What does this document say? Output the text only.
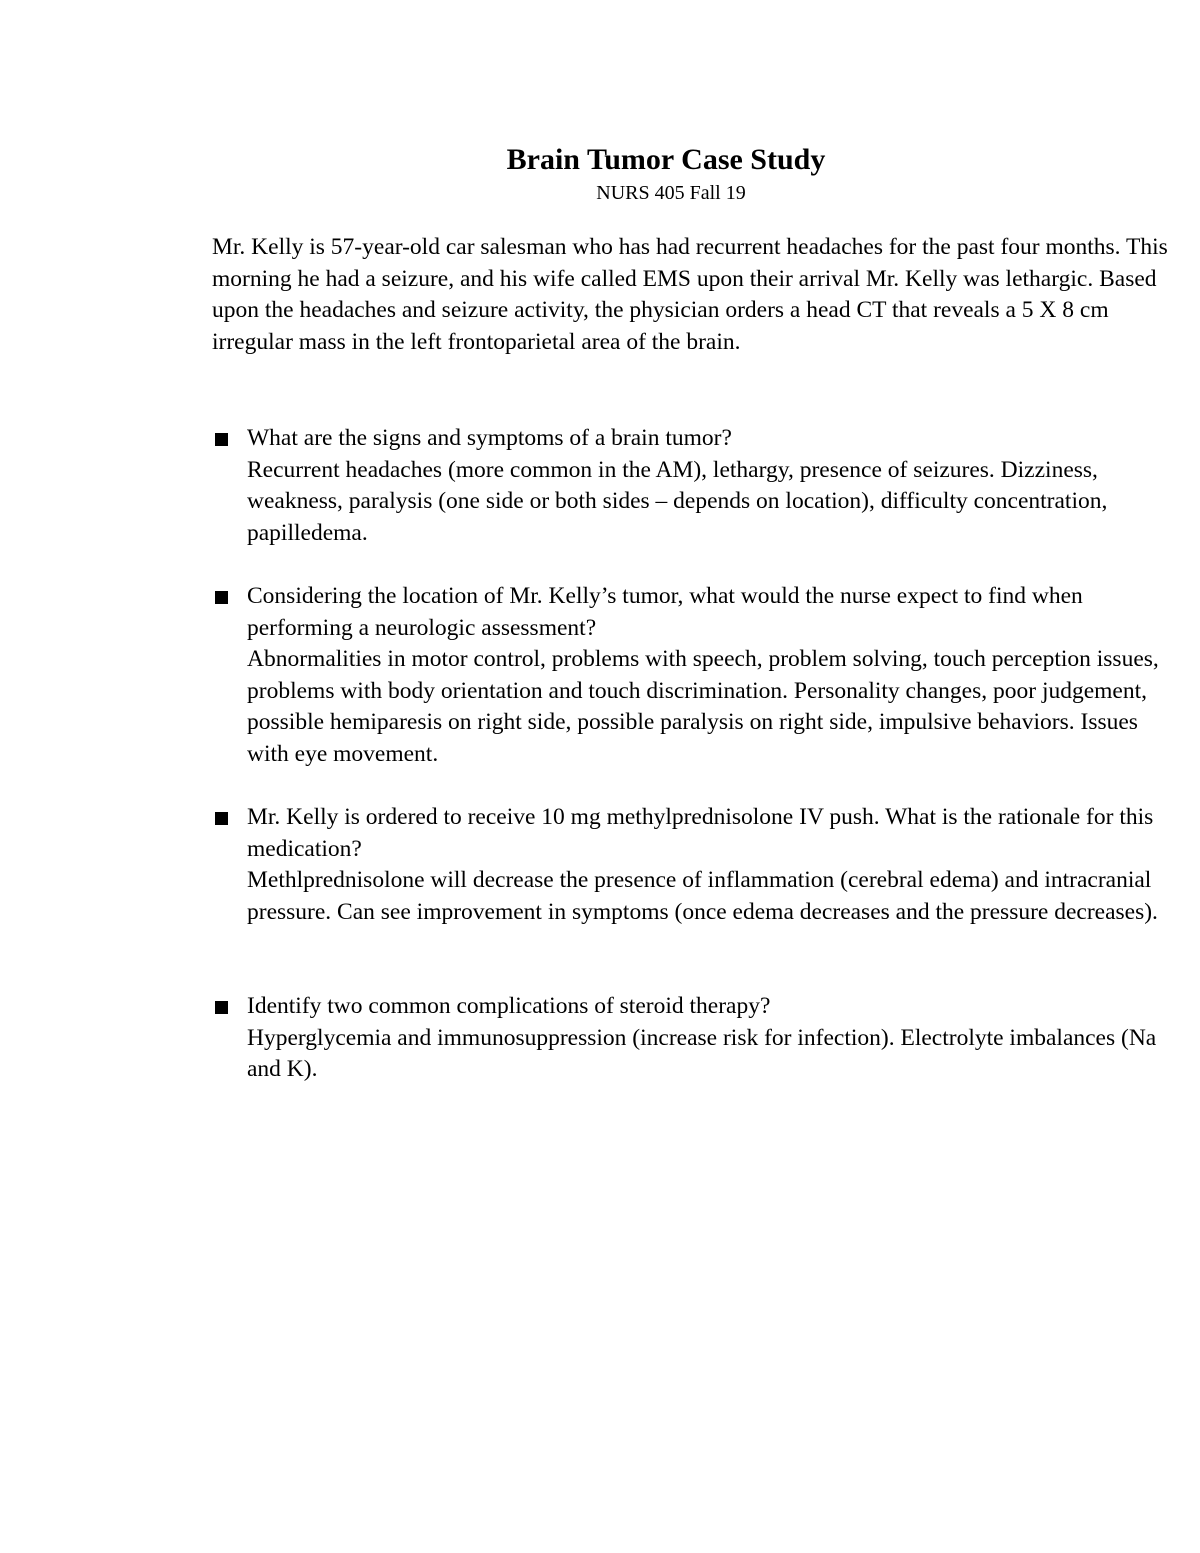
Brain Tumor Case Study
NURS 405 Fall 19

Mr. Kelly is 57-year-old car salesman who has had recurrent headaches for the past four months. This morning he had a seizure, and his wife called EMS upon their arrival Mr. Kelly was lethargic. Based upon the headaches and seizure activity, the physician orders a head CT that reveals a 5 X 8 cm irregular mass in the left frontoparietal area of the brain.

What are the signs and symptoms of a brain tumor?

Recurrent headaches (more common in the AM), lethargy, presence of seizures. Dizziness, weakness, paralysis (one side or both sides – depends on location), difficulty concentration, papilledema.

Considering the location of Mr. Kelly’s tumor, what would the nurse expect to find when performing a neurologic assessment?

Abnormalities in motor control, problems with speech, problem solving, touch perception issues, problems with body orientation and touch discrimination. Personality changes, poor judgement, possible hemiparesis on right side, possible paralysis on right side, impulsive behaviors. Issues with eye movement.

Mr. Kelly is ordered to receive 10 mg methylprednisolone IV push. What is the rationale for this medication?

Methlprednisolone will decrease the presence of inflammation (cerebral edema) and intracranial pressure. Can see improvement in symptoms (once edema decreases and the pressure decreases).

Identify two common complications of steroid therapy?

Hyperglycemia and immunosuppression (increase risk for infection). Electrolyte imbalances (Na and K).
